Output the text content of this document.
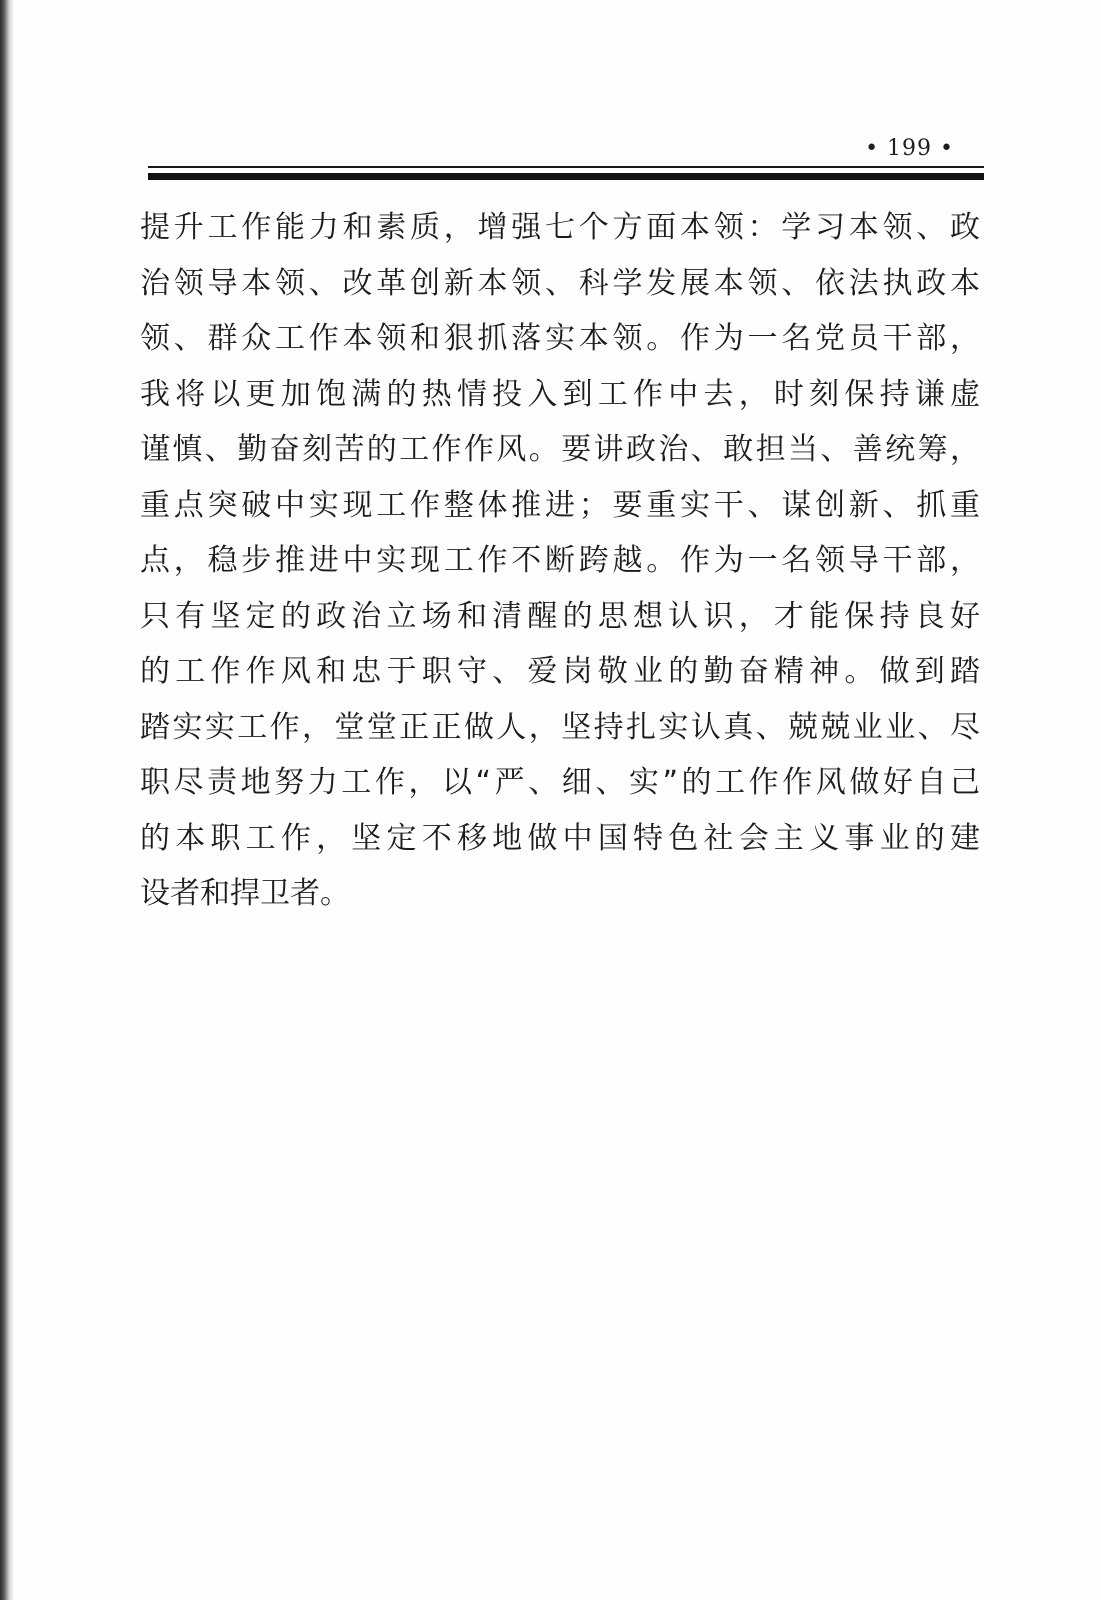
• 199 •

提升工作能力和素质，增强七个方面本领：学习本领、政
治领导本领、改革创新本领、科学发展本领、依法执政本
领、群众工作本领和狠抓落实本领。作为一名党员干部，
我将以更加饱满的热情投入到工作中去，时刻保持谦虚
谨慎、勤奋刻苦的工作作风。要讲政治、敢担当、善统筹，
重点突破中实现工作整体推进；要重实干、谋创新、抓重
点，稳步推进中实现工作不断跨越。作为一名领导干部，
只有坚定的政治立场和清醒的思想认识，才能保持良好
的工作作风和忠于职守、爱岗敬业的勤奋精神。做到踏
踏实实工作，堂堂正正做人，坚持扎实认真、兢兢业业、尽
职尽责地努力工作，以“严、细、实”的工作作风做好自己
的本职工作，坚定不移地做中国特色社会主义事业的建
设者和捍卫者。
